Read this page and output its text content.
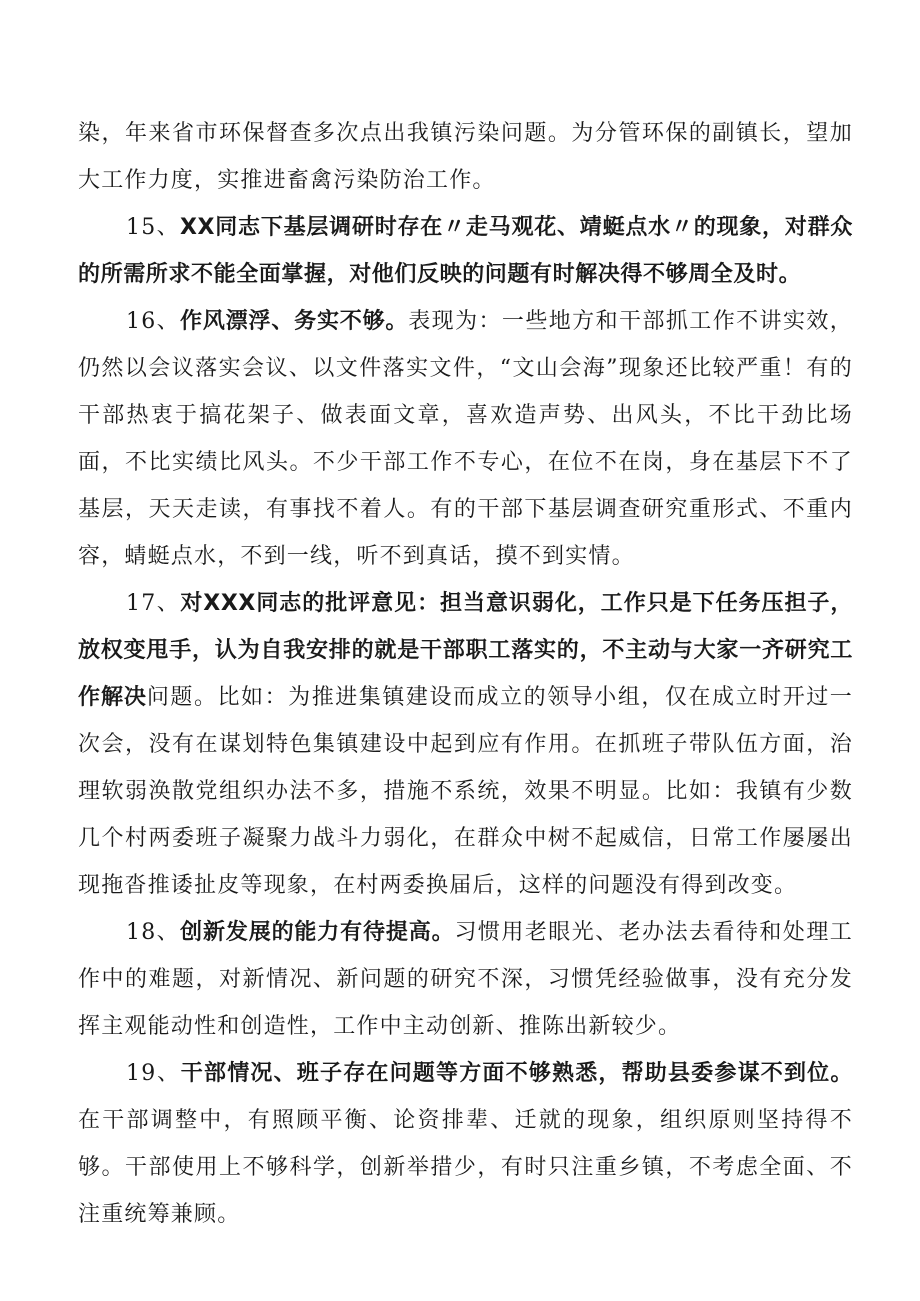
染，年来省市环保督查多次点出我镇污染问题。为分管环保的副镇长，望加大工作力度，实推进畜禽污染防治工作。

15、XX同志下基层调研时存在〃走马观花、靖蜓点水〃的现象，对群众的所需所求不能全面掌握，对他们反映的问题有时解决得不够周全及时。

16、作风漂浮、务实不够。表现为：一些地方和干部抓工作不讲实效，仍然以会议落实会议、以文件落实文件，“文山会海”现象还比较严重！有的干部热衷于搞花架子、做表面文章，喜欢造声势、出风头，不比干劲比场面，不比实绩比风头。不少干部工作不专心，在位不在岗，身在基层下不了基层，天天走读，有事找不着人。有的干部下基层调查研究重形式、不重内容，蜻蜓点水，不到一线，听不到真话，摸不到实情。

17、对XXX同志的批评意见：担当意识弱化，工作只是下任务压担子，放权变甩手，认为自我安排的就是干部职工落实的，不主动与大家一齐研究工作解决问题。比如：为推进集镇建设而成立的领导小组，仅在成立时开过一次会，没有在谋划特色集镇建设中起到应有作用。在抓班子带队伍方面，治理软弱涣散党组织办法不多，措施不系统，效果不明显。比如：我镇有少数几个村两委班子凝聚力战斗力弱化，在群众中树不起威信，日常工作屡屡出现拖沓推诿扯皮等现象，在村两委换届后，这样的问题没有得到改变。

18、创新发展的能力有待提高。习惯用老眼光、老办法去看待和处理工作中的难题，对新情况、新问题的研究不深，习惯凭经验做事，没有充分发挥主观能动性和创造性，工作中主动创新、推陈出新较少。

19、干部情况、班子存在问题等方面不够熟悉，帮助县委参谋不到位。在干部调整中，有照顾平衡、论资排辈、迁就的现象，组织原则坚持得不够。干部使用上不够科学，创新举措少，有时只注重乡镇，不考虑全面、不注重统筹兼顾。
